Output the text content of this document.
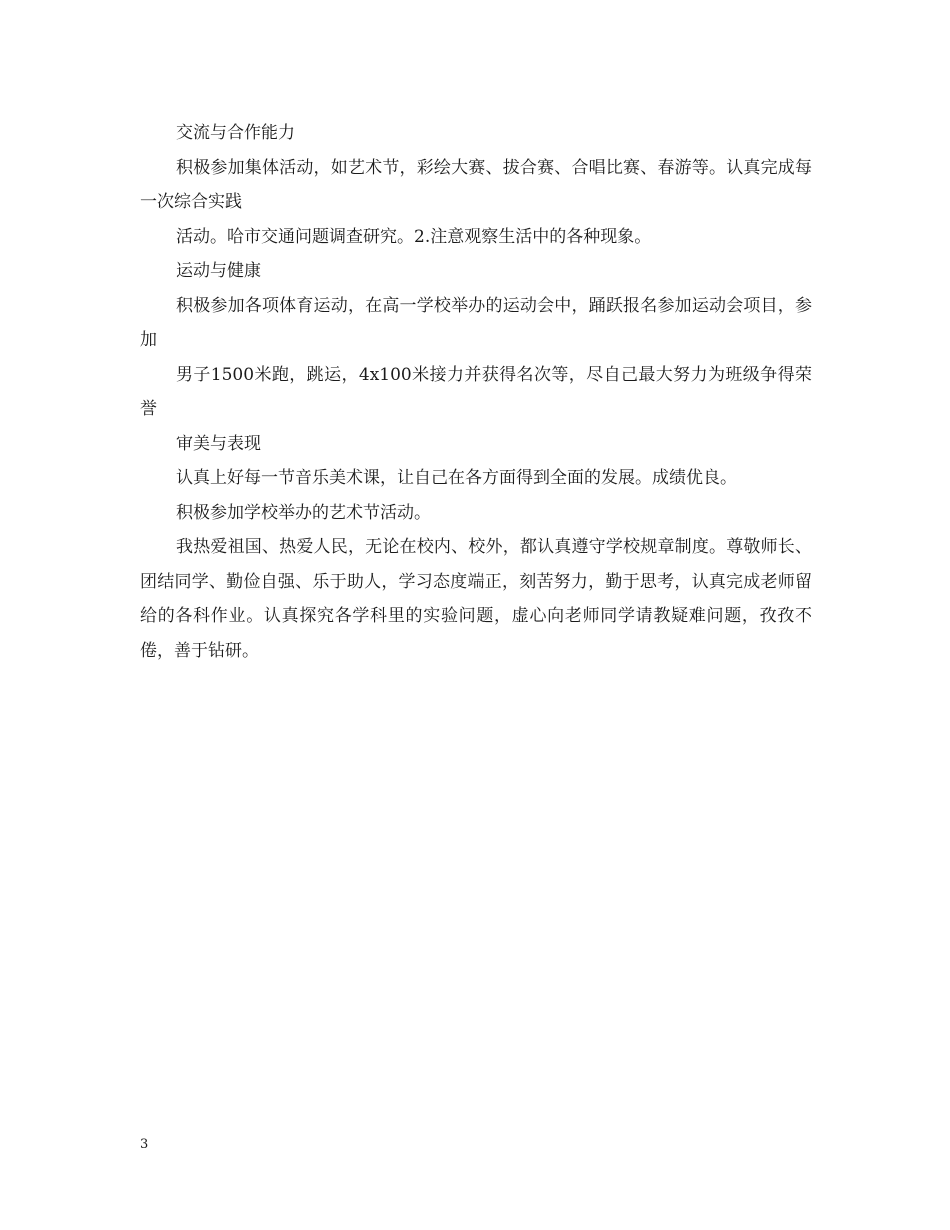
交流与合作能力

积极参加集体活动，如艺术节，彩绘大赛、拔合赛、合唱比赛、春游等。认真完成每一次综合实践

活动。哈市交通问题调查研究。2.注意观察生活中的各种现象。

运动与健康

积极参加各项体育运动，在高一学校举办的运动会中，踊跃报名参加运动会项目，参加

男子1500米跑，跳运，4x100米接力并获得名次等，尽自己最大努力为班级争得荣誉

审美与表现

认真上好每一节音乐美术课，让自己在各方面得到全面的发展。成绩优良。

积极参加学校举办的艺术节活动。

我热爱祖国、热爱人民，无论在校内、校外，都认真遵守学校规章制度。尊敬师长、团结同学、勤俭自强、乐于助人，学习态度端正，刻苦努力，勤于思考，认真完成老师留给的各科作业。认真探究各学科里的实验问题，虚心向老师同学请教疑难问题，孜孜不倦，善于钻研。

3
